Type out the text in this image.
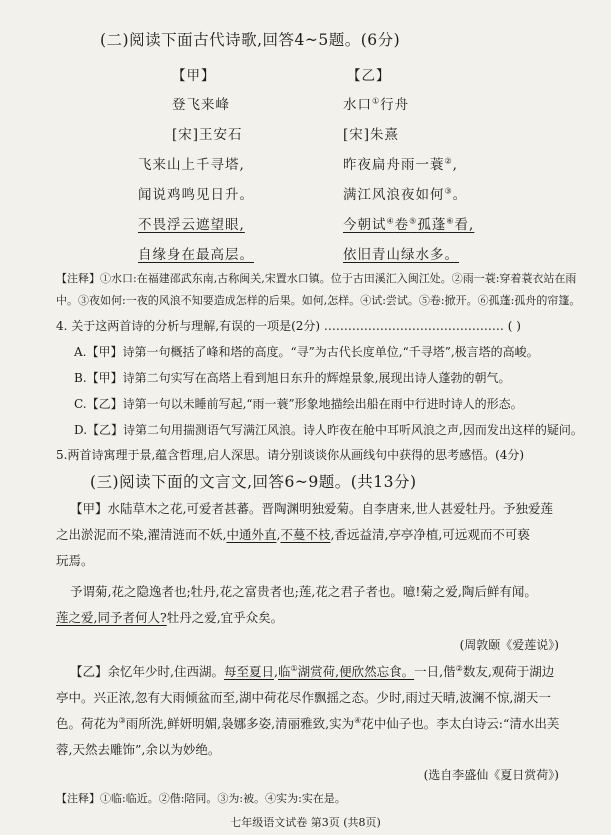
(二)阅读下面古代诗歌,回答4~5题。(6分)
【甲】
登飞来峰
[宋]王安石
飞来山上千寻塔,
闻说鸡鸣见日升。
不畏浮云遮望眼,
自缘身在最高层。
【乙】
水口①行舟
[宋]朱熹
昨夜扁舟雨一蓑②,
满江风浪夜如何③。
今朝试④卷⑤孤蓬⑥看,
依旧青山绿水多。
【注释】①水口:在福建邵武东南,古称闽关,宋置水口镇。位于古田溪汇入闽江处。②雨一蓑:穿着蓑衣站在雨
中。③夜如何:一夜的风浪不知要造成怎样的后果。如何,怎样。④试:尝试。⑤卷:掀开。⑥孤蓬:孤舟的帘篷。
4. 关于这两首诗的分析与理解,有误的一项是(2分) ……………………………………… ( )
A.【甲】诗第一句概括了峰和塔的高度。“寻”为古代长度单位,“千寻塔”,极言塔的高峻。
B.【甲】诗第二句实写在高塔上看到旭日东升的辉煌景象,展现出诗人蓬勃的朝气。
C.【乙】诗第一句以未睡前写起,“雨一蓑”形象地描绘出船在雨中行进时诗人的形态。
D.【乙】诗第二句用揣测语气写满江风浪。诗人昨夜在舱中耳听风浪之声,因而发出这样的疑问。
5.两首诗寓理于景,蕴含哲理,启人深思。请分别谈谈你从画线句中获得的思考感悟。(4分)
(三)阅读下面的文言文,回答6~9题。(共13分)
【甲】水陆草木之花,可爱者甚蕃。晋陶渊明独爱菊。自李唐来,世人甚爱牡丹。予独爱莲
之出淤泥而不染,濯清涟而不妖,中通外直,不蔓不枝,香远益清,亭亭净植,可远观而不可亵
玩焉。
予谓菊,花之隐逸者也;牡丹,花之富贵者也;莲,花之君子者也。噫!菊之爱,陶后鲜有闻。
莲之爱,同予者何人?牡丹之爱,宜乎众矣。
(周敦颐《爱莲说》)
【乙】余忆年少时,住西湖。每至夏日,临①湖赏荷,便欣然忘食。一日,偕②数友,观荷于湖边
亭中。兴正浓,忽有大雨倾盆而至,湖中荷花尽作飘摇之态。少时,雨过天晴,波澜不惊,湖天一
色。荷花为③雨所洗,鲜妍明媚,袅娜多姿,清丽雅致,实为④花中仙子也。李太白诗云:“清水出芙
蓉,天然去雕饰”,余以为妙绝。
(选自李盛仙《夏日赏荷》)
【注释】①临:临近。②偕:陪同。③为:被。④实为:实在是。
七年级语文试卷 第3页 (共8页)
